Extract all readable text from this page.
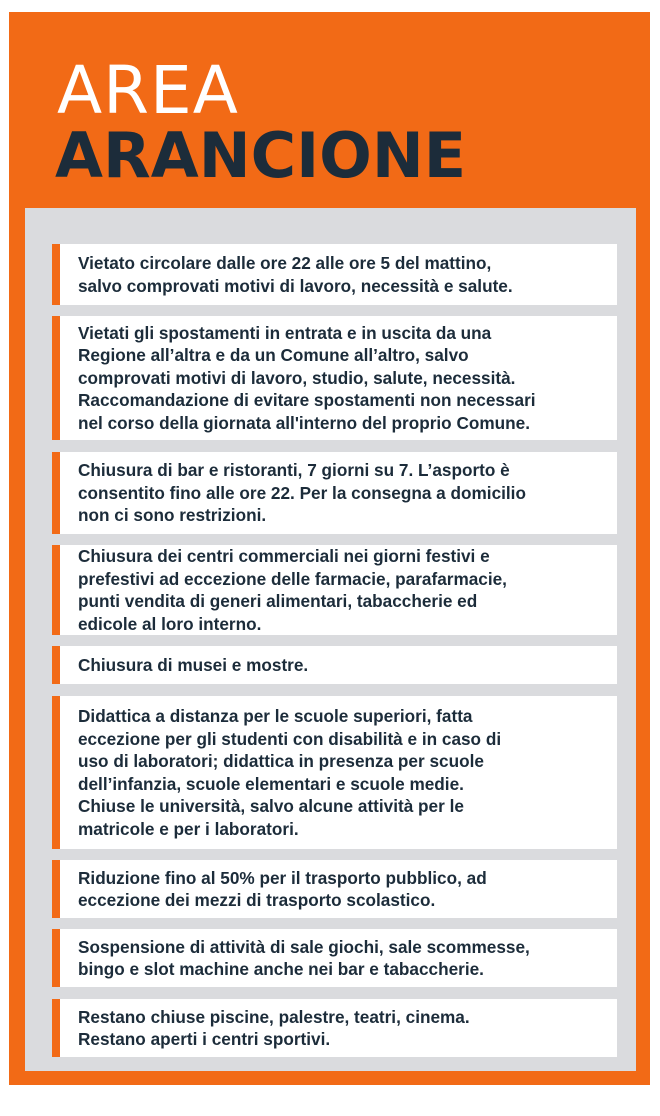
AREA
ARANCIONE
Vietato circolare dalle ore 22 alle ore 5 del mattino,
salvo comprovati motivi di lavoro, necessità e salute.
Vietati gli spostamenti in entrata e in uscita da una
Regione all’altra e da un Comune all’altro, salvo
comprovati motivi di lavoro, studio, salute, necessità.
Raccomandazione di evitare spostamenti non necessari
nel corso della giornata all'interno del proprio Comune.
Chiusura di bar e ristoranti, 7 giorni su 7. L’asporto è
consentito fino alle ore 22. Per la consegna a domicilio
non ci sono restrizioni.
Chiusura dei centri commerciali nei giorni festivi e
prefestivi ad eccezione delle farmacie, parafarmacie,
punti vendita di generi alimentari, tabaccherie ed
edicole al loro interno.
Chiusura di musei e mostre.
Didattica a distanza per le scuole superiori, fatta
eccezione per gli studenti con disabilità e in caso di
uso di laboratori; didattica in presenza per scuole
dell’infanzia, scuole elementari e scuole medie.
Chiuse le università, salvo alcune attività per le
matricole e per i laboratori.
Riduzione fino al 50% per il trasporto pubblico, ad
eccezione dei mezzi di trasporto scolastico.
Sospensione di attività di sale giochi, sale scommesse,
bingo e slot machine anche nei bar e tabaccherie.
Restano chiuse piscine, palestre, teatri, cinema.
Restano aperti i centri sportivi.
